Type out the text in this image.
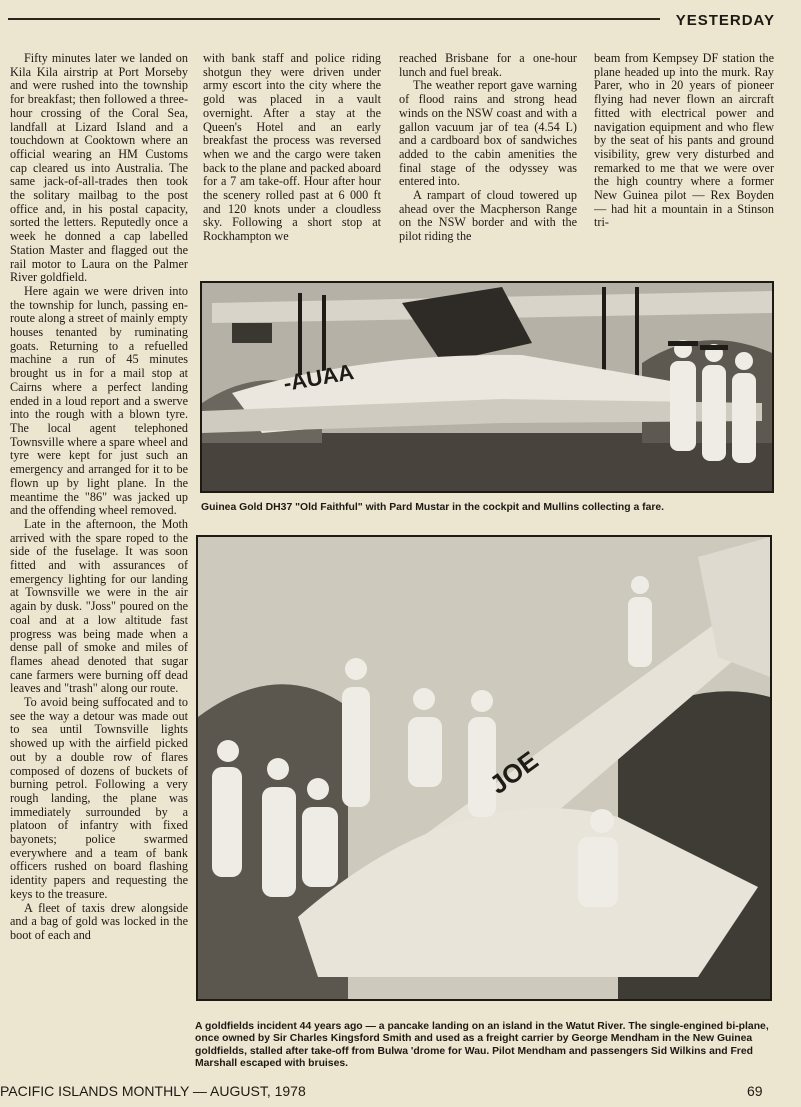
YESTERDAY

Fifty minutes later we landed on Kila Kila airstrip at Port Morseby and were rushed into the township for breakfast; then followed a three-hour crossing of the Coral Sea, landfall at Lizard Island and a touchdown at Cooktown where an official wearing an HM Customs cap cleared us into Australia. The same jack-of-all-trades then took the solitary mailbag to the post office and, in his postal capacity, sorted the letters. Reputedly once a week he donned a cap labelled Station Master and flagged out the rail motor to Laura on the Palmer River goldfield.

Here again we were driven into the township for lunch, passing en-route along a street of mainly empty houses tenanted by ruminating goats. Returning to a refuelled machine a run of 45 minutes brought us in for a mail stop at Cairns where a perfect landing ended in a loud report and a swerve into the rough with a blown tyre. The local agent telephoned Townsville where a spare wheel and tyre were kept for just such an emergency and arranged for it to be flown up by light plane. In the meantime the "86" was jacked up and the offending wheel removed.

Late in the afternoon, the Moth arrived with the spare roped to the side of the fuselage. It was soon fitted and with assurances of emergency lighting for our landing at Townsville we were in the air again by dusk. "Joss" poured on the coal and at a low altitude fast progress was being made when a dense pall of smoke and miles of flames ahead denoted that sugar cane farmers were burning off dead leaves and "trash" along our route.

To avoid being suffocated and to see the way a detour was made out to sea until Townsville lights showed up with the airfield picked out by a double row of flares composed of dozens of buckets of burning petrol. Following a very rough landing, the plane was immediately surrounded by a platoon of infantry with fixed bayonets; police swarmed everywhere and a team of bank officers rushed on board flashing identity papers and requesting the keys to the treasure.

A fleet of taxis drew alongside and a bag of gold was locked in the boot of each and

with bank staff and police riding shotgun they were driven under army escort into the city where the gold was placed in a vault overnight. After a stay at the Queen's Hotel and an early breakfast the process was reversed when we and the cargo were taken back to the plane and packed aboard for a 7 am take-off. Hour after hour the scenery rolled past at 6 000 ft and 120 knots under a cloudless sky. Following a short stop at Rockhampton we

reached Brisbane for a one-hour lunch and fuel break.

The weather report gave warning of flood rains and strong head winds on the NSW coast and with a gallon vacuum jar of tea (4.54 L) and a cardboard box of sandwiches added to the cabin amenities the final stage of the odyssey was entered into.

A rampart of cloud towered up ahead over the Macpherson Range on the NSW border and with the pilot riding the

beam from Kempsey DF station the plane headed up into the murk. Ray Parer, who in 20 years of pioneer flying had never flown an aircraft fitted with electrical power and navigation equipment and who flew by the seat of his pants and ground visibility, grew very disturbed and remarked to me that we were over the high country where a former New Guinea pilot — Rex Boyden — had hit a mountain in a Stinson tri-

-AUAA
Guinea Gold DH37 "Old Faithful" with Pard Mustar in the cockpit and Mullins collecting a fare.
JOE
A goldfields incident 44 years ago — a pancake landing on an island in the Watut River. The single-engined bi-plane, once owned by Sir Charles Kingsford Smith and used as a freight carrier by George Mendham in the New Guinea goldfields, stalled after take-off from Bulwa 'drome for Wau. Pilot Mendham and passengers Sid Wilkins and Fred Marshall escaped with bruises.
PACIFIC ISLANDS MONTHLY — AUGUST, 1978	69
